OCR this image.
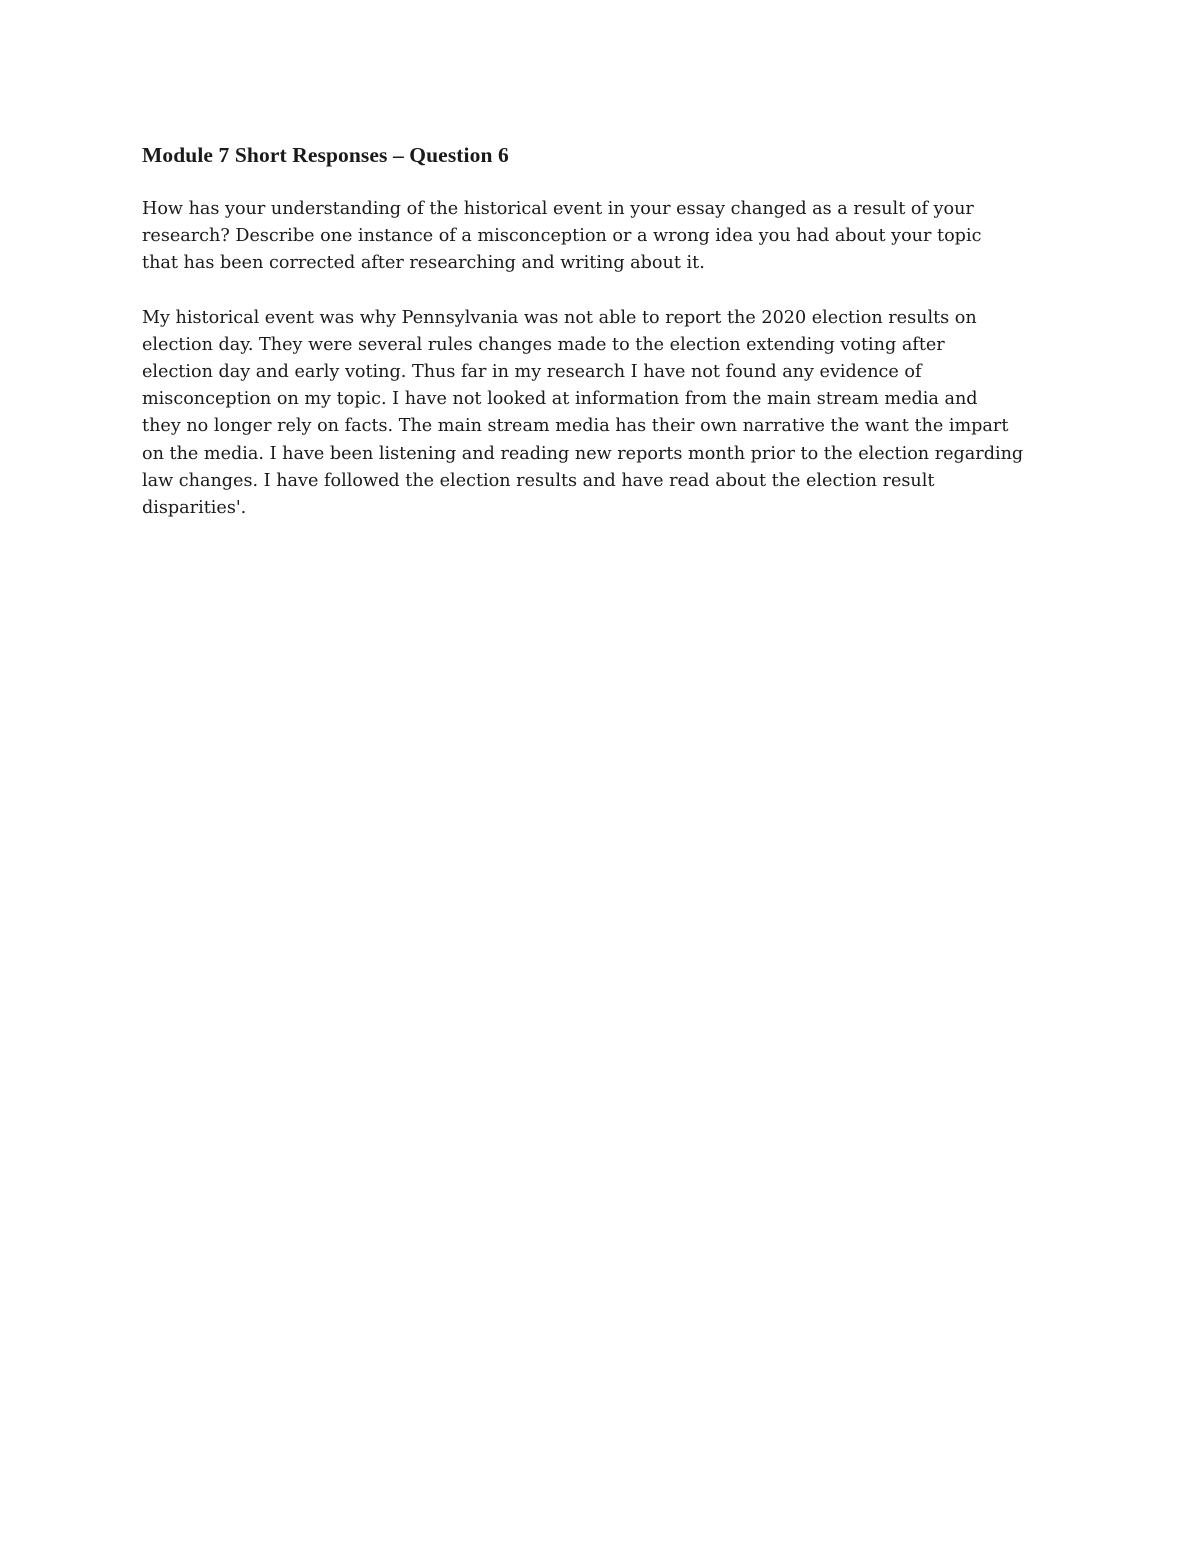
Module 7 Short Responses – Question 6
How has your understanding of the historical event in your essay changed as a result of your
research? Describe one instance of a misconception or a wrong idea you had about your topic
that has been corrected after researching and writing about it.
My historical event was why Pennsylvania was not able to report the 2020 election results on
election day. They were several rules changes made to the election extending voting after
election day and early voting. Thus far in my research I have not found any evidence of
misconception on my topic. I have not looked at information from the main stream media and
they no longer rely on facts. The main stream media has their own narrative the want the impart
on the media. I have been listening and reading new reports month prior to the election regarding
law changes. I have followed the election results and have read about the election result
disparities'.
